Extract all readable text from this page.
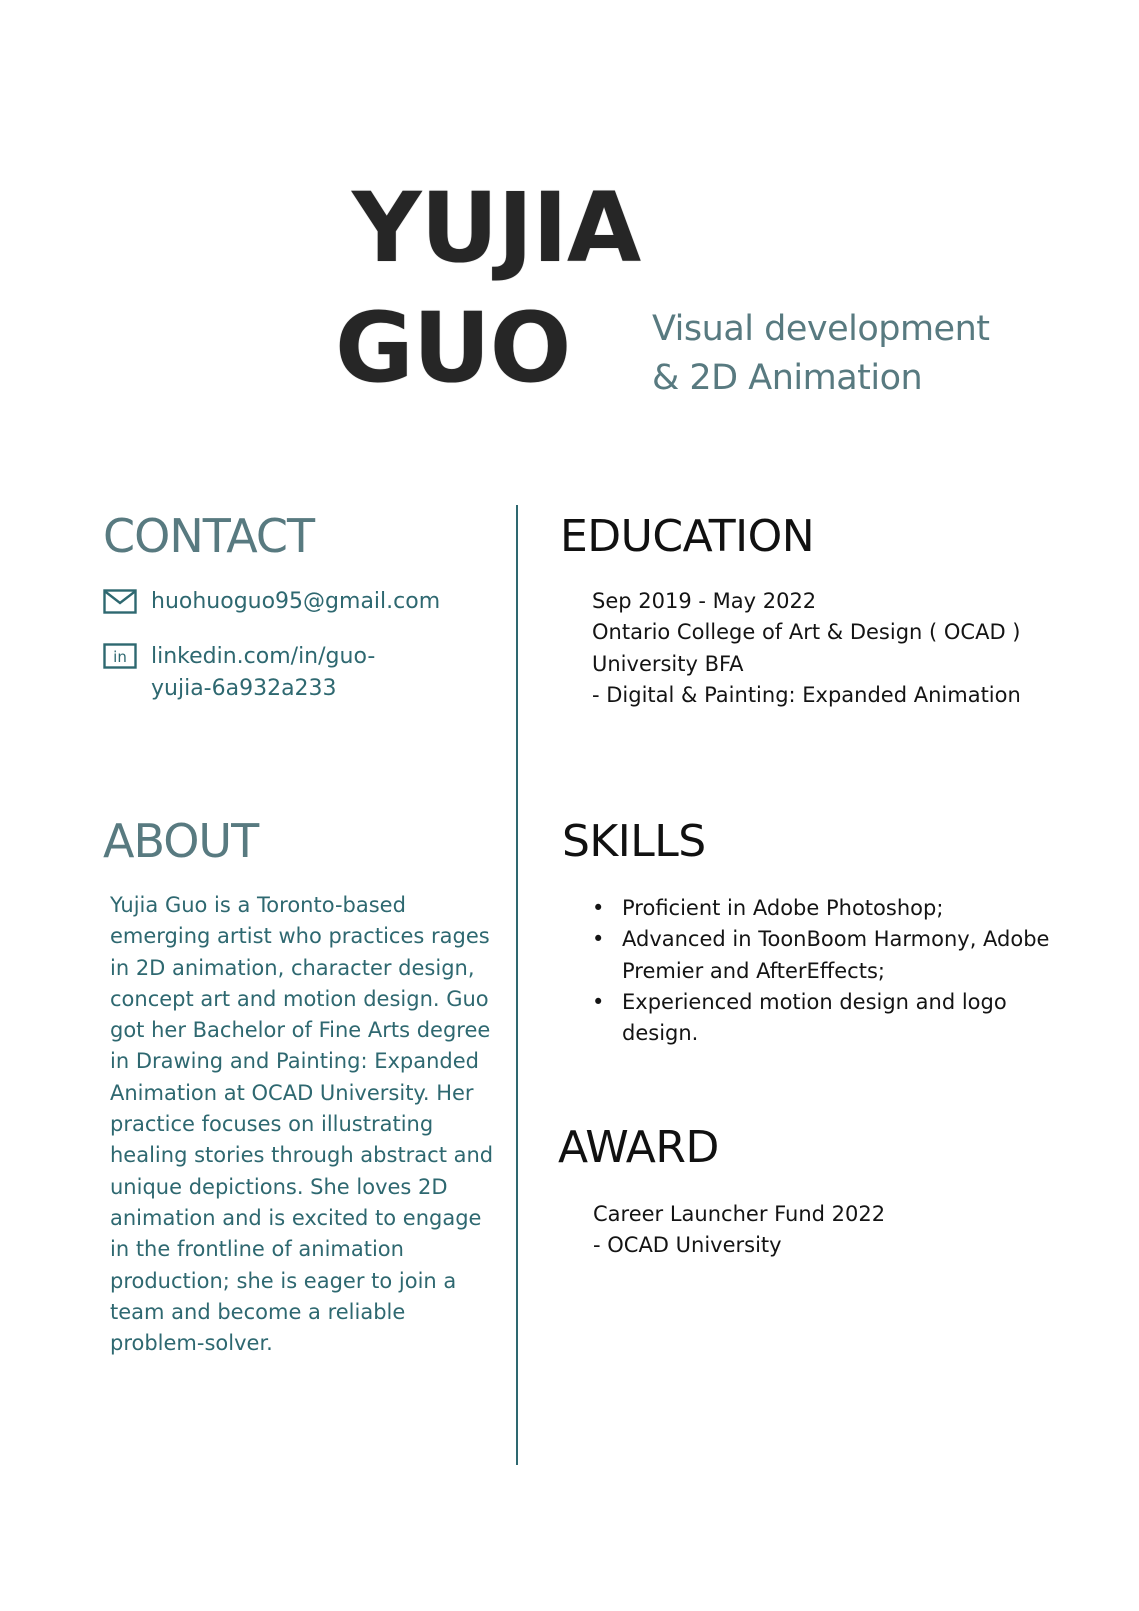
YUJIA
GUO Visual development
& 2D Animation
CONTACT
huohuoguo95@gmail.com
in linkedin.com/in/guo-
yujia-6a932a233
ABOUT

Yujia Guo is a Toronto-based emerging artist who practices rages in 2D animation, character design, concept art and motion design. Guo got her Bachelor of Fine Arts degree in Drawing and Painting: Expanded Animation at OCAD University. Her practice focuses on illustrating healing stories through abstract and unique depictions. She loves 2D animation and is excited to engage in the frontline of animation production; she is eager to join a team and become a reliable problem-solver.

EDUCATION
Sep 2019 - May 2022
Ontario College of Art & Design ( OCAD )
University BFA
- Digital & Painting: Expanded Animation
SKILLS
• Proficient in Adobe Photoshop;
• Advanced in ToonBoom Harmony, Adobe Premier and AfterEffects;
• Experienced motion design and logo design.
AWARD
Career Launcher Fund 2022
- OCAD University
